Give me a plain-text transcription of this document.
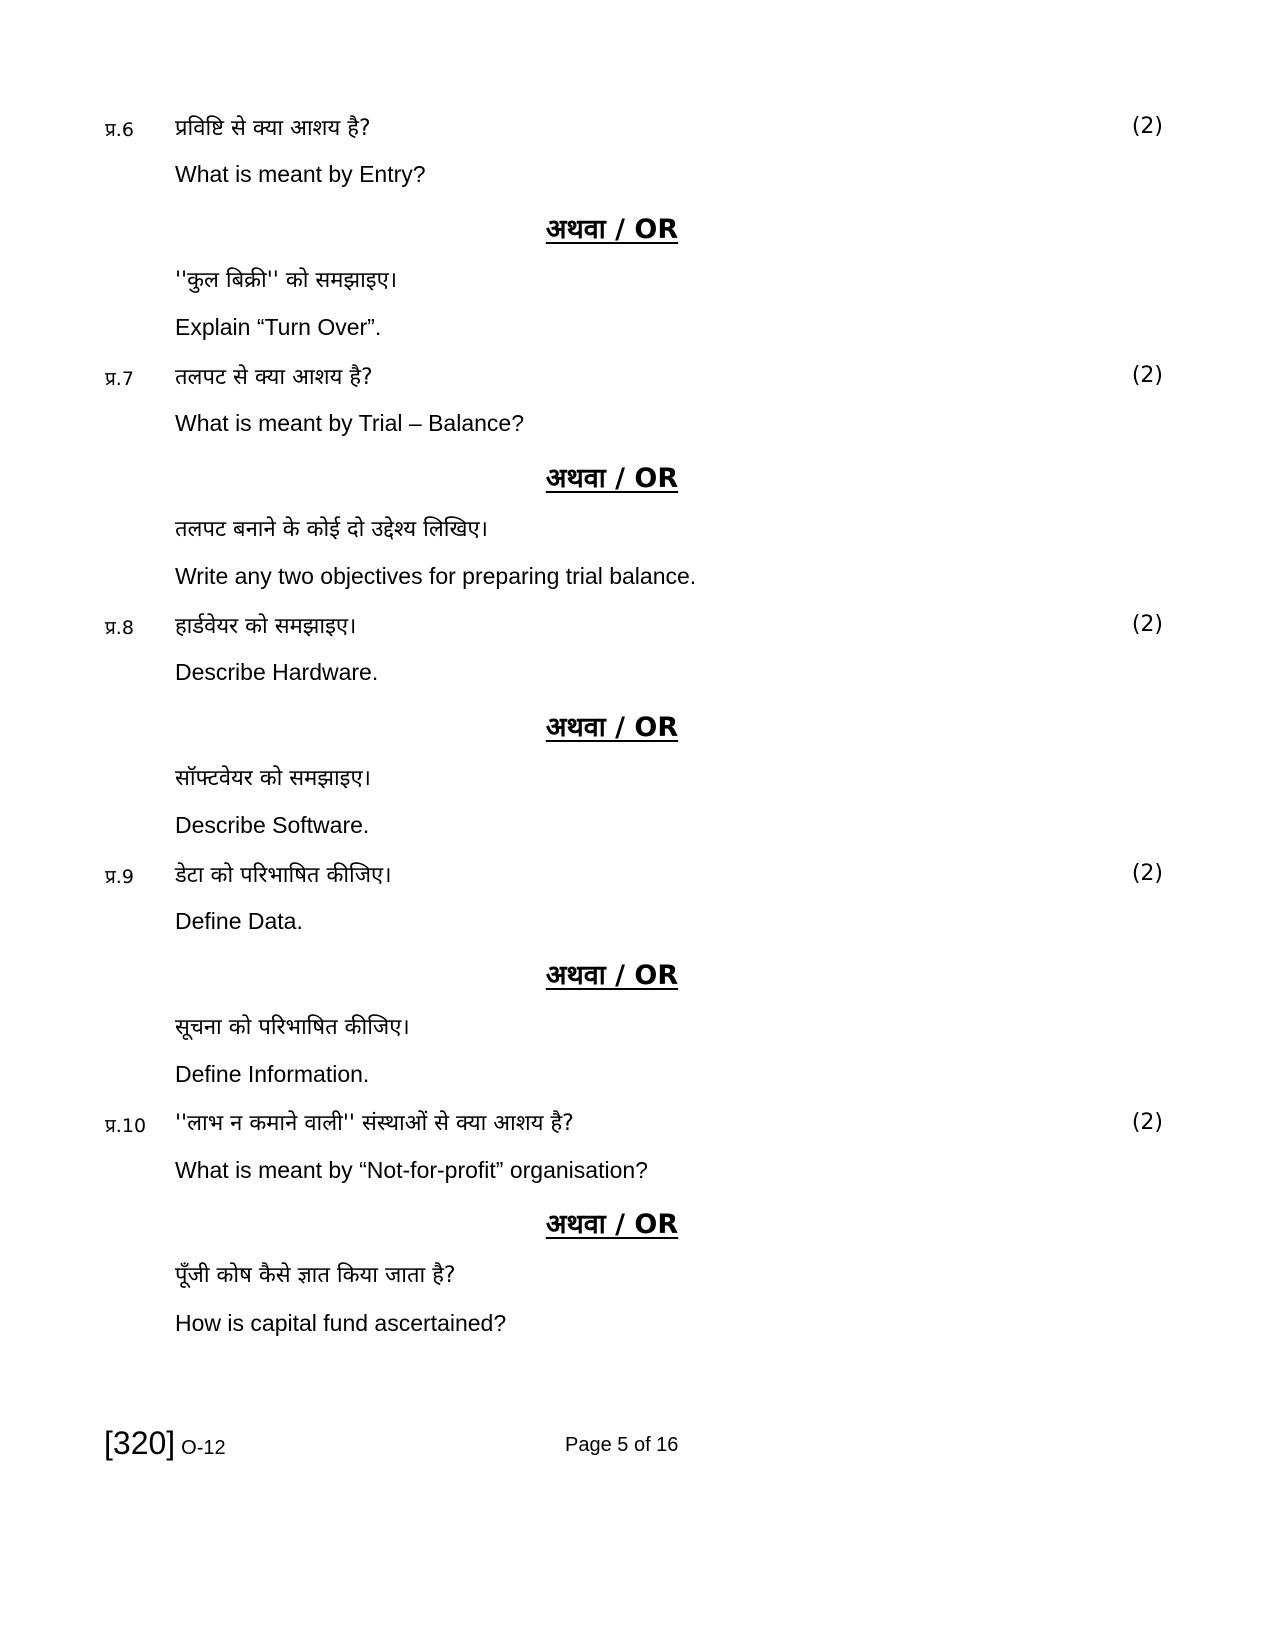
प्र.6 प्रविष्टि से क्या आशय है?	(2)
What is meant by Entry?
अथवा / OR
''कुल बिक्री'' को समझाइए।
Explain “Turn Over”.
प्र.7 तलपट से क्या आशय है?	(2)
What is meant by Trial – Balance?
अथवा / OR
तलपट बनाने के कोई दो उद्देश्य लिखिए।
Write any two objectives for preparing trial balance.
प्र.8 हार्डवेयर को समझाइए।	(2)
Describe Hardware.
अथवा / OR
सॉफ्टवेयर को समझाइए।
Describe Software.
प्र.9 डेटा को परिभाषित कीजिए।	(2)
Define Data.
अथवा / OR
सूचना को परिभाषित कीजिए।
Define Information.
प्र.10 ''लाभ न कमाने वाली'' संस्थाओं से क्या आशय है?	(2)
What is meant by “Not-for-profit” organisation?
अथवा / OR
पूँजी कोष कैसे ज्ञात किया जाता है?
How is capital fund ascertained?
[320] O-12	Page 5 of 16
